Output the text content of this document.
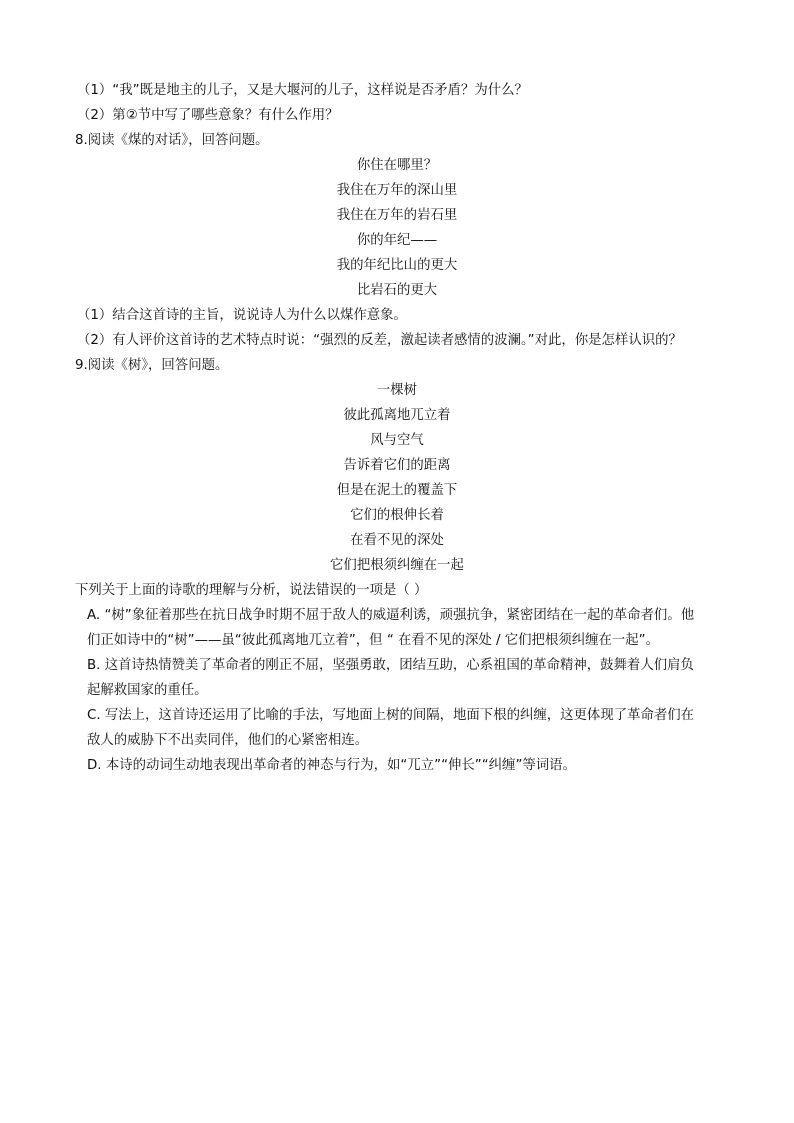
（1）“我”既是地主的儿子，又是大堰河的儿子，这样说是否矛盾？为什么？
（2）第②节中写了哪些意象？有什么作用？
8.阅读《煤的对话》，回答问题。
你住在哪里？
我住在万年的深山里
我住在万年的岩石里
你的年纪——
我的年纪比山的更大
比岩石的更大
（1）结合这首诗的主旨，说说诗人为什么以煤作意象。
（2）有人评价这首诗的艺术特点时说：“强烈的反差，激起读者感情的波澜。”对此，你是怎样认识的？
9.阅读《树》，回答问题。
一棵树
彼此孤离地兀立着
风与空气
告诉着它们的距离
但是在泥土的覆盖下
它们的根伸长着
在看不见的深处
它们把根须纠缠在一起
下列关于上面的诗歌的理解与分析，说法错误的一项是（ ）
A. “树”象征着那些在抗日战争时期不屈于敌人的威逼利诱，顽强抗争，紧密团结在一起的革命者们。他
们正如诗中的“树”——虽“彼此孤离地兀立着”，但 “ 在看不见的深处 / 它们把根须纠缠在一起”。
B. 这首诗热情赞美了革命者的刚正不屈，坚强勇敢，团结互助，心系祖国的革命精神，鼓舞着人们肩负
起解救国家的重任。
C. 写法上，这首诗还运用了比喻的手法，写地面上树的间隔，地面下根的纠缠，这更体现了革命者们在
敌人的威胁下不出卖同伴，他们的心紧密相连。
D. 本诗的动词生动地表现出革命者的神态与行为，如“兀立”“伸长”“纠缠”等词语。
